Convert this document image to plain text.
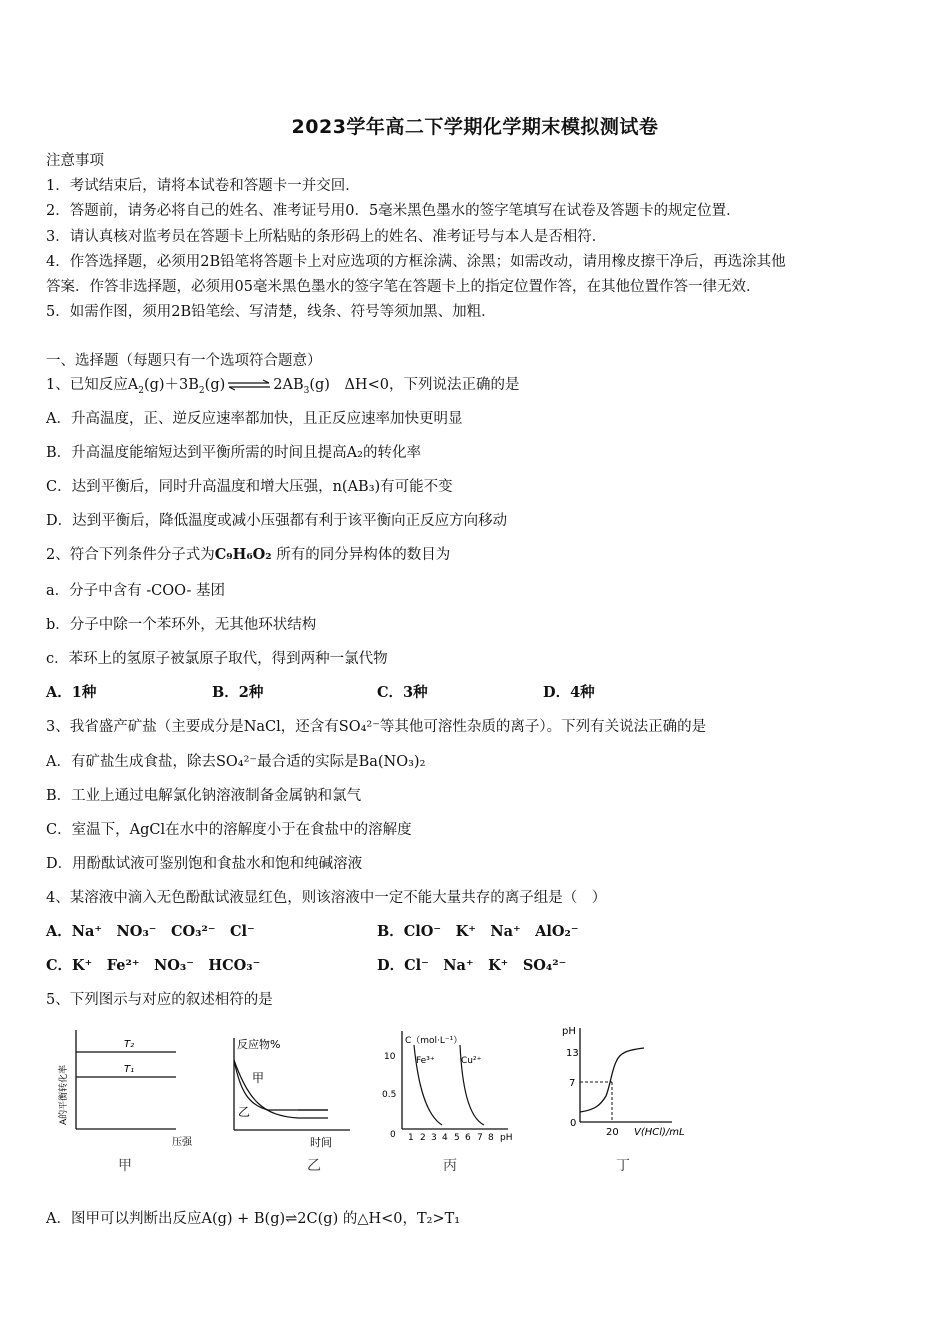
2023学年高二下学期化学期末模拟测试卷
注意事项
1．考试结束后，请将本试卷和答题卡一并交回．
2．答题前，请务必将自己的姓名、准考证号用0．5毫米黑色墨水的签字笔填写在试卷及答题卡的规定位置．
3．请认真核对监考员在答题卡上所粘贴的条形码上的姓名、准考证号与本人是否相符．
4．作答选择题，必须用2B铅笔将答题卡上对应选项的方框涂满、涂黑；如需改动，请用橡皮擦干净后，再选涂其他
答案．作答非选择题，必须用05毫米黑色墨水的签字笔在答题卡上的指定位置作答，在其他位置作答一律无效．
5．如需作图，须用2B铅笔绘、写清楚，线条、符号等须加黑、加粗．
一、选择题（每题只有一个选项符合题意）
1、已知反应$A_2(g)+3B_2(g)$ ⇌ $2AB_3(g)$　ΔH<0，下列说法正确的是
A．升高温度，正、逆反应速率都加快，且正反应速率加快更明显
B．升高温度能缩短达到平衡所需的时间且提高A₂的转化率
C．达到平衡后，同时升高温度和增大压强，n(AB₃)有可能不变
D．达到平衡后，降低温度或减小压强都有利于该平衡向正反应方向移动
2、符合下列条件分子式为C₉H₆O₂ 所有的同分异构体的数目为
a．分子中含有 -COO- 基团
b．分子中除一个苯环外，无其他环状结构
c．苯环上的氢原子被氯原子取代，得到两种一氯代物
A．1种	B．2种	C．3种	D．4种
3、我省盛产矿盐（主要成分是NaCl，还含有SO₄²⁻等其他可溶性杂质的离子）。下列有关说法正确的是
A．有矿盐生成食盐，除去SO₄²⁻最合适的实际是Ba(NO₃)₂
B．工业上通过电解氯化钠溶液制备金属钠和氯气
C．室温下，AgCl在水中的溶解度小于在食盐中的溶解度
D．用酚酞试液可鉴别饱和食盐水和饱和纯碱溶液
4、某溶液中滴入无色酚酞试液显红色，则该溶液中一定不能大量共存的离子组是（　）
A．Na⁺　NO₃⁻　CO₃²⁻　Cl⁻	B．ClO⁻　K⁺　Na⁺　AlO₂⁻
C．K⁺　Fe²⁺　NO₃⁻　HCO₃⁻	D．Cl⁻　Na⁺　K⁺　SO₄²⁻
5、下列图示与对应的叙述相符的是
T₂
T₁
A的平衡转化率
压强
甲
反应物%
甲
乙
时间
乙
C（mol·L⁻¹）
Fe³⁺	Cu²⁺
10
0.5
0 1 2 3 4 5 6 7 8 pH
丙
pH
13
7
0
20 V(HCl)/mL
丁
A．图甲可以判断出反应A(g) + B(g)⇌2C(g) 的△H<0，T₂>T₁
